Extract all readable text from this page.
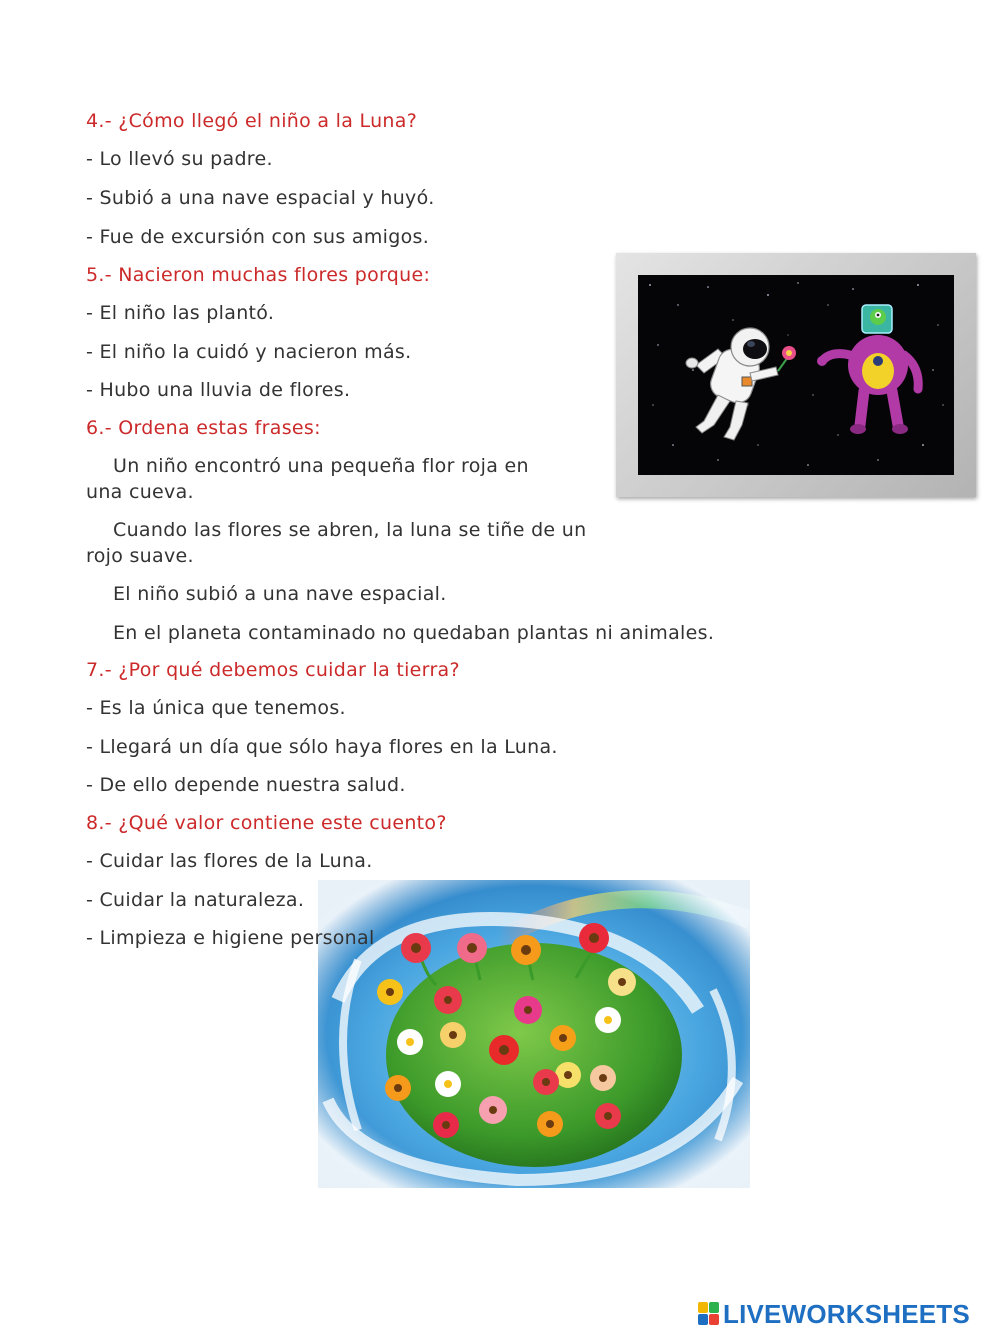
4.- ¿Cómo llegó el niño a la Luna?
- Lo llevó su padre.
- Subió a una nave espacial y huyó.
- Fue de excursión con sus amigos.
5.- Nacieron muchas flores porque:
- El niño las plantó.
- El niño la cuidó y nacieron más.
- Hubo una lluvia de flores.
6.- Ordena estas frases:
Un niño encontró una pequeña flor roja en una cueva.
Cuando las flores se abren, la luna se tiñe de un rojo suave.
El niño subió a una nave espacial.
En el planeta contaminado no quedaban plantas ni animales.
7.- ¿Por qué debemos cuidar la tierra?
- Es la única que tenemos.
- Llegará un día que sólo haya flores en la Luna.
- De ello depende nuestra salud.
8.- ¿Qué valor contiene este cuento?
- Cuidar las flores de la Luna.
- Cuidar la naturaleza.
- Limpieza e higiene personal
LIVEWORKSHEETS
